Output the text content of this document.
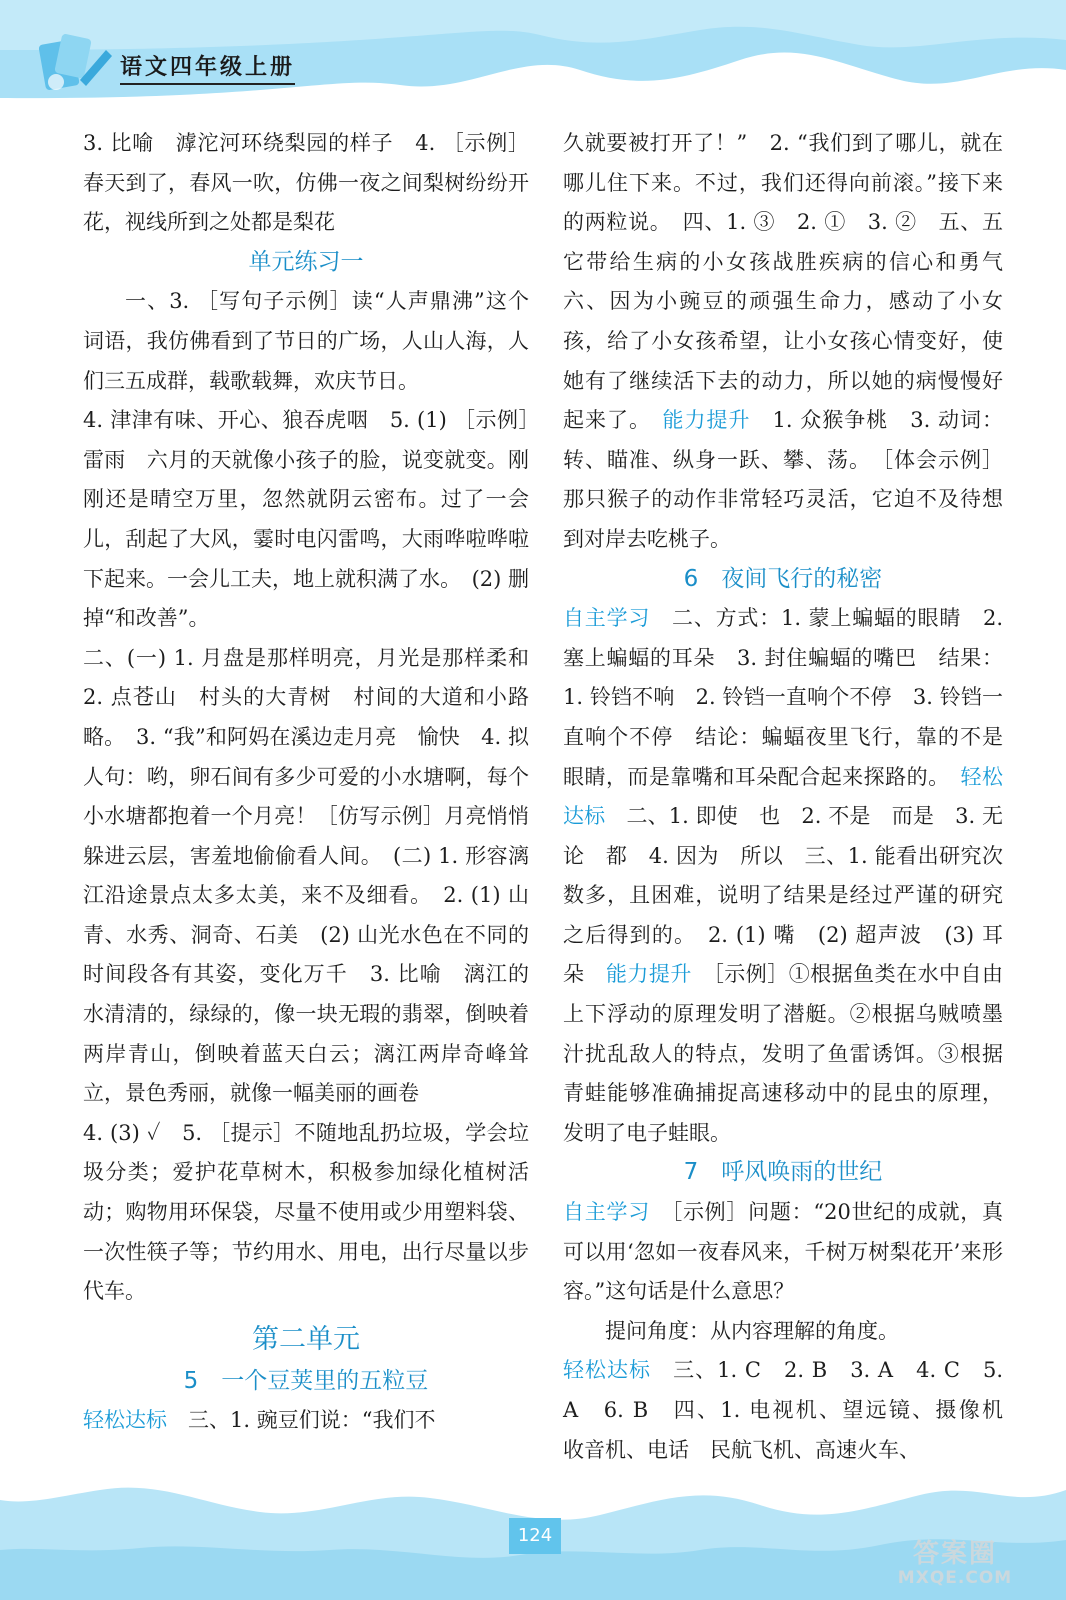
语文四年级上册

3. 比喻　滹沱河环绕梨园的样子　4. ［示例］春天到了，春风一吹，仿佛一夜之间梨树纷纷开花，视线所到之处都是梨花

单元练习一

一、3. ［写句子示例］读“人声鼎沸”这个词语，我仿佛看到了节日的广场，人山人海，人们三五成群，载歌载舞，欢庆节日。

4. 津津有味、开心、狼吞虎咽　5. (1) ［示例］雷雨　六月的天就像小孩子的脸，说变就变。刚刚还是晴空万里，忽然就阴云密布。过了一会儿，刮起了大风，霎时电闪雷鸣，大雨哗啦哗啦下起来。一会儿工夫，地上就积满了水。　(2) 删掉“和改善”。

二、(一) 1. 月盘是那样明亮，月光是那样柔和　2. 点苍山　村头的大青树　村间的大道和小路　略。　3. “我”和阿妈在溪边走月亮　愉快　4. 拟人句：哟，卵石间有多少可爱的小水塘啊，每个小水塘都抱着一个月亮！［仿写示例］月亮悄悄躲进云层，害羞地偷偷看人间。　(二) 1. 形容漓江沿途景点太多太美，来不及细看。　2. (1) 山青、水秀、洞奇、石美　(2) 山光水色在不同的时间段各有其姿，变化万千　3. 比喻　漓江的水清清的，绿绿的，像一块无瑕的翡翠，倒映着两岸青山，倒映着蓝天白云；漓江两岸奇峰耸立，景色秀丽，就像一幅美丽的画卷

4. (3) ✓　5. ［提示］不随地乱扔垃圾，学会垃圾分类；爱护花草树木，积极参加绿化植树活动；购物用环保袋，尽量不使用或少用塑料袋、一次性筷子等；节约用水、用电，出行尽量以步代车。

第二单元

5　一个豆荚里的五粒豆

轻松达标　三、1. 豌豆们说：“我们不

久就要被打开了！”　2. “我们到了哪儿，就在哪儿住下来。不过，我们还得向前滚。”接下来的两粒说。　四、1. ③　2. ①　3. ②　五、五　它带给生病的小女孩战胜疾病的信心和勇气　六、因为小豌豆的顽强生命力，感动了小女孩，给了小女孩希望，让小女孩心情变好，使她有了继续活下去的动力，所以她的病慢慢好起来了。　能力提升　1. 众猴争桃　3. 动词：转、瞄准、纵身一跃、攀、荡。　［体会示例］那只猴子的动作非常轻巧灵活，它迫不及待想到对岸去吃桃子。

6　夜间飞行的秘密

自主学习　二、方式：1. 蒙上蝙蝠的眼睛　2. 塞上蝙蝠的耳朵　3. 封住蝙蝠的嘴巴　结果：1. 铃铛不响　2. 铃铛一直响个不停　3. 铃铛一直响个不停　结论：蝙蝠夜里飞行，靠的不是眼睛，而是靠嘴和耳朵配合起来探路的。　轻松达标　二、1. 即使　也　2. 不是　而是　3. 无论　都　4. 因为　所以　三、1. 能看出研究次数多，且困难，说明了结果是经过严谨的研究之后得到的。　2. (1) 嘴　(2) 超声波　(3) 耳朵　能力提升　［示例］①根据鱼类在水中自由上下浮动的原理发明了潜艇。②根据乌贼喷墨汁扰乱敌人的特点，发明了鱼雷诱饵。③根据青蛙能够准确捕捉高速移动中的昆虫的原理，发明了电子蛙眼。

7　呼风唤雨的世纪

自主学习　［示例］问题：“20世纪的成就，真可以用‘忽如一夜春风来，千树万树梨花开’来形容。”这句话是什么意思？

提问角度：从内容理解的角度。

轻松达标　三、1. C　2. B　3. A　4. C　5. A　6. B　四、1. 电视机、望远镜、摄像机　收音机、电话　民航飞机、高速火车、

124
答案圈
MXQE.COM
